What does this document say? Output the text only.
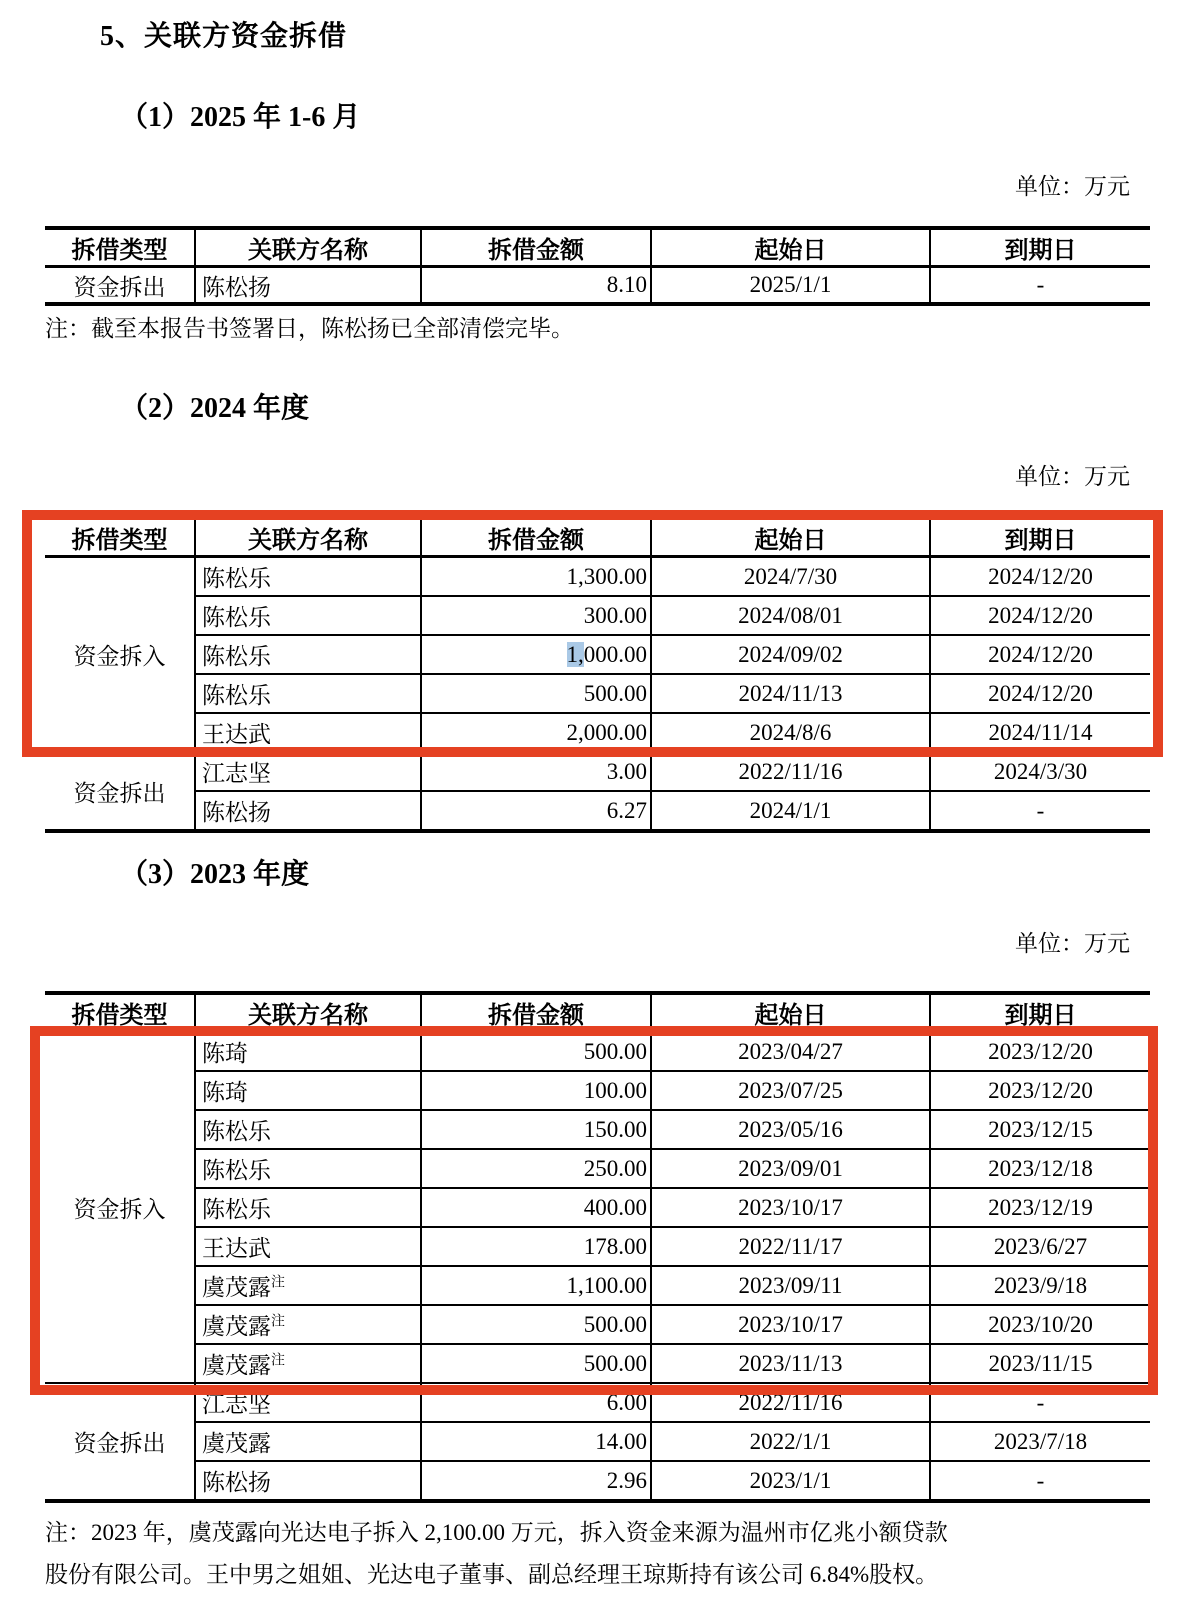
5、关联方资金拆借
（1）2025 年 1-6 月
单位：万元
拆借类型	关联方名称	拆借金额	起始日	到期日
资金拆出	陈松扬	8.10	2025/1/1	-
注：截至本报告书签署日，陈松扬已全部清偿完毕。
（2）2024 年度
单位：万元
拆借类型	关联方名称	拆借金额	起始日	到期日
资金拆入	陈松乐	1,300.00	2024/7/30	2024/12/20
	陈松乐	300.00	2024/08/01	2024/12/20
	陈松乐	1,000.00	2024/09/02	2024/12/20
	陈松乐	500.00	2024/11/13	2024/12/20
	王达武	2,000.00	2024/8/6	2024/11/14
资金拆出	江志坚	3.00	2022/11/16	2024/3/30
	陈松扬	6.27	2024/1/1	-
（3）2023 年度
单位：万元
拆借类型	关联方名称	拆借金额	起始日	到期日
资金拆入	陈琦	500.00	2023/04/27	2023/12/20
	陈琦	100.00	2023/07/25	2023/12/20
	陈松乐	150.00	2023/05/16	2023/12/15
	陈松乐	250.00	2023/09/01	2023/12/18
	陈松乐	400.00	2023/10/17	2023/12/19
	王达武	178.00	2022/11/17	2023/6/27
	虞茂露$^注$	1,100.00	2023/09/11	2023/9/18
	虞茂露$^注$	500.00	2023/10/17	2023/10/20
	虞茂露$^注$	500.00	2023/11/13	2023/11/15
资金拆出	江志坚	6.00	2022/11/16	-
	虞茂露	14.00	2022/1/1	2023/7/18
	陈松扬	2.96	2023/1/1	-
注：2023 年，虞茂露向光达电子拆入 2,100.00 万元，拆入资金来源为温州市亿兆小额贷款
股份有限公司。王中男之姐姐、光达电子董事、副总经理王琼斯持有该公司 6.84%股权。
